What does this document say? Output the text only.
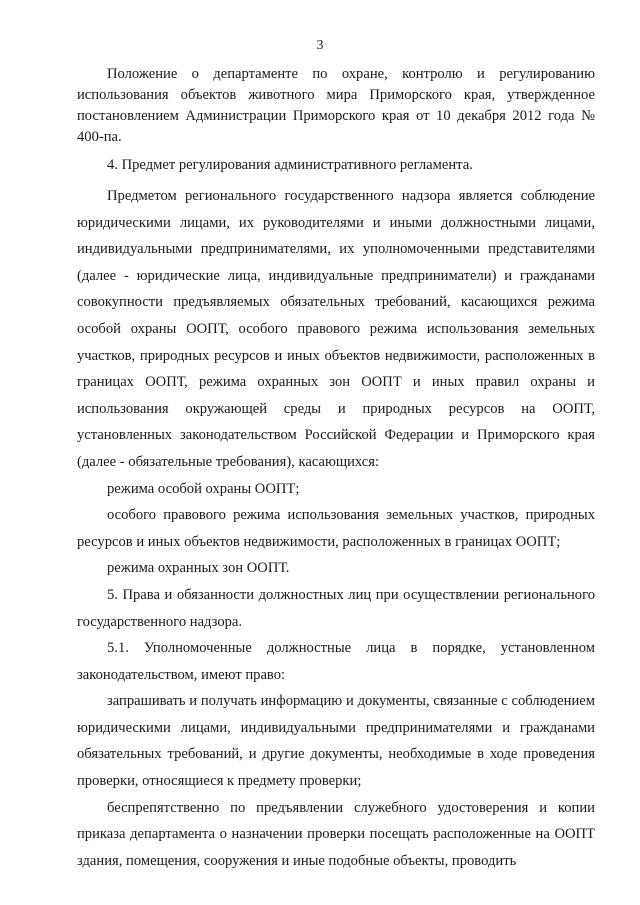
3

Положение о департаменте по охране, контролю и регулированию использования объектов животного мира Приморского края, утвержденное постановлением Администрации Приморского края от 10 декабря 2012 года № 400-па.

4. Предмет регулирования административного регламента.

Предметом регионального государственного надзора является соблюдение юридическими лицами, их руководителями и иными должностными лицами, индивидуальными предпринимателями, их уполномоченными представителями (далее - юридические лица, индивидуальные предприниматели) и гражданами совокупности предъявляемых обязательных требований, касающихся режима особой охраны ООПТ, особого правового режима использования земельных участков, природных ресурсов и иных объектов недвижимости, расположенных в границах ООПТ, режима охранных зон ООПТ и иных правил охраны и использования окружающей среды и природных ресурсов на ООПТ, установленных законодательством Российской Федерации и Приморского края (далее - обязательные требования), касающихся:

режима особой охраны ООПТ;

особого правового режима использования земельных участков, природных ресурсов и иных объектов недвижимости, расположенных в границах ООПТ;

режима охранных зон ООПТ.

5. Права и обязанности должностных лиц при осуществлении регионального государственного надзора.

5.1. Уполномоченные должностные лица в порядке, установленном законодательством, имеют право:

запрашивать и получать информацию и документы, связанные с соблюдением юридическими лицами, индивидуальными предпринимателями и гражданами обязательных требований, и другие документы, необходимые в ходе проведения проверки, относящиеся к предмету проверки;

беспрепятственно по предъявлении служебного удостоверения и копии приказа департамента о назначении проверки посещать расположенные на ООПТ здания, помещения, сооружения и иные подобные объекты, проводить
